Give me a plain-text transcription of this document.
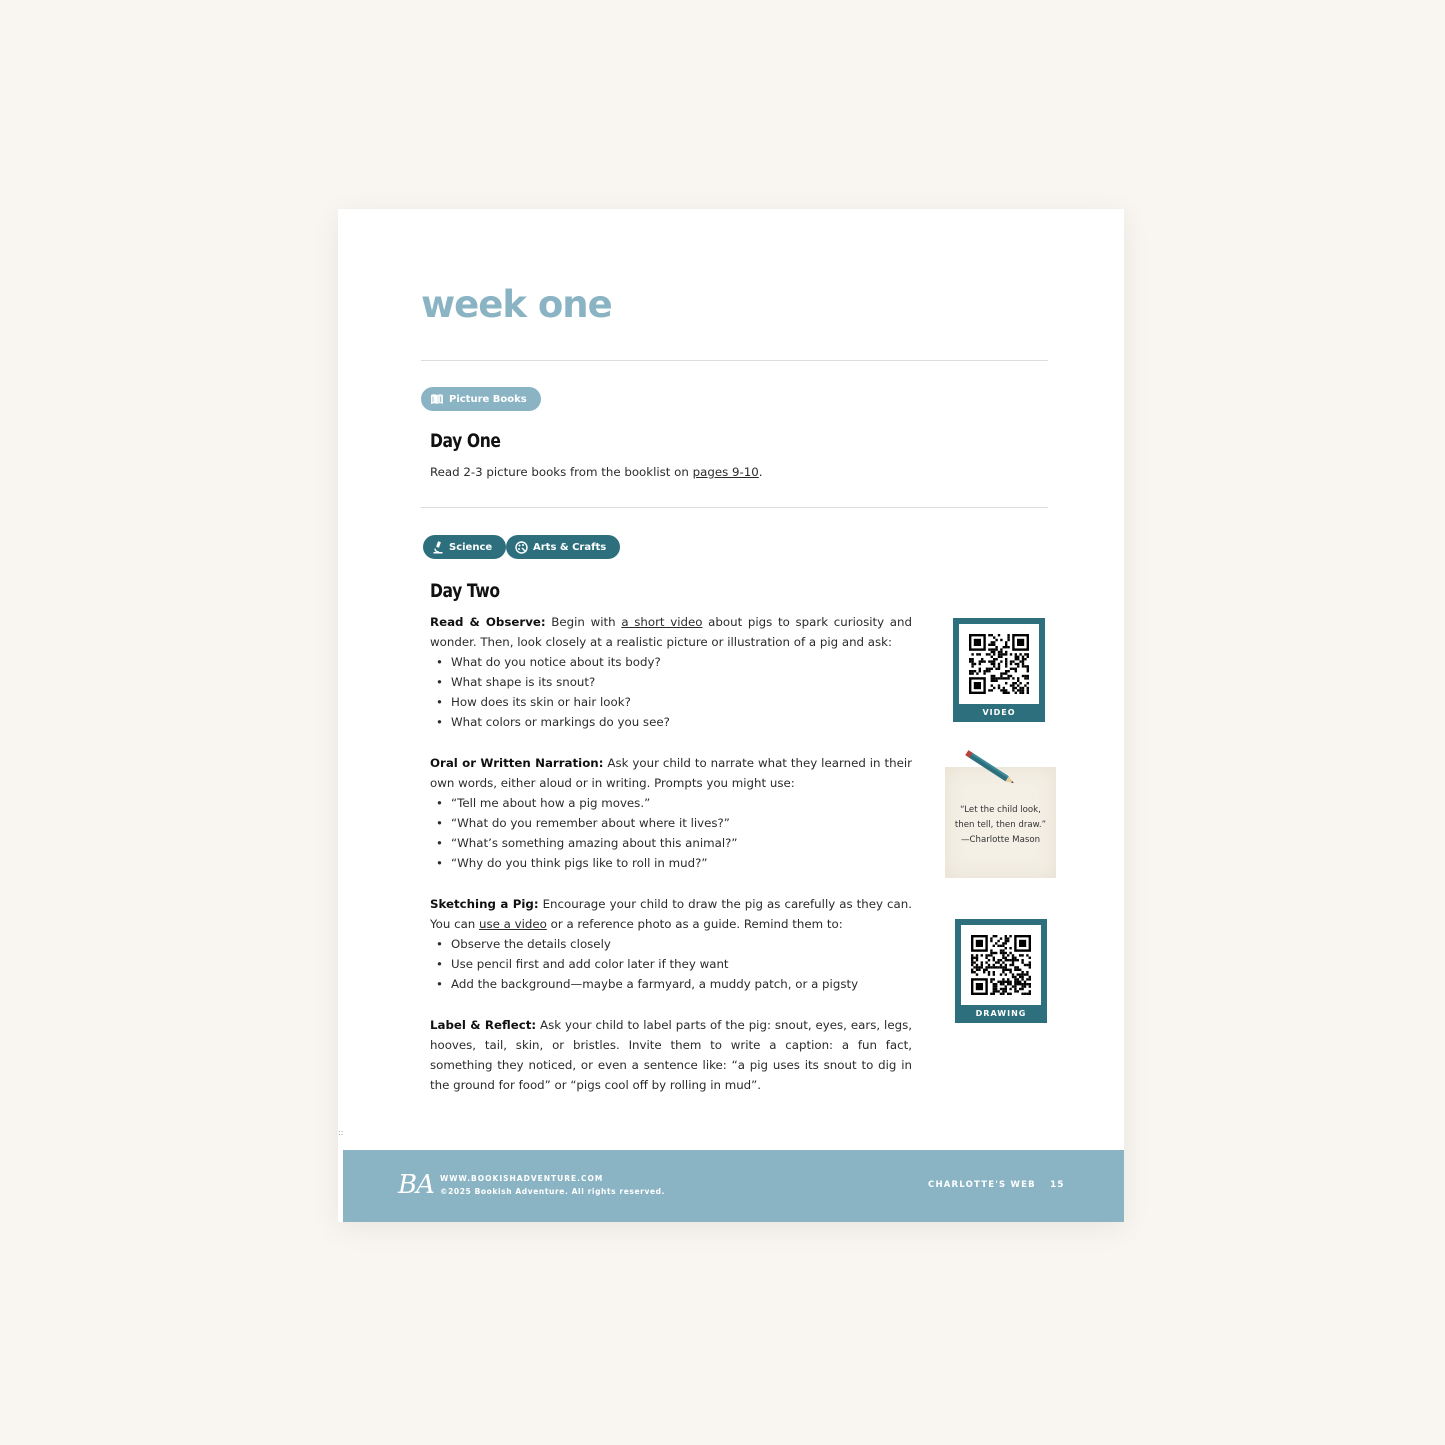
week one
Picture Books
Day One

Read 2-3 picture books from the booklist on pages 9-10.

Science	Arts & Crafts
Day Two
Read & Observe: Begin with a short video about pigs to spark curiosity and wonder. Then, look closely at a realistic picture or illustration of a pig and ask:
• What do you notice about its body?
• What shape is its snout?
• How does its skin or hair look?
• What colors or markings do you see?
Oral or Written Narration: Ask your child to narrate what they learned in their own words, either aloud or in writing. Prompts you might use:
• “Tell me about how a pig moves.”
• “What do you remember about where it lives?”
• “What’s something amazing about this animal?”
• “Why do you think pigs like to roll in mud?”
Sketching a Pig: Encourage your child to draw the pig as carefully as they can. You can use a video or a reference photo as a guide. Remind them to:
• Observe the details closely
• Use pencil first and add color later if they want
• Add the background—maybe a farmyard, a muddy patch, or a pigsty
Label & Reflect: Ask your child to label parts of the pig: snout, eyes, ears, legs, hooves, tail, skin, or bristles. Invite them to write a caption: a fun fact, something they noticed, or even a sentence like: “a pig uses its snout to dig in the ground for food” or “pigs cool off by rolling in mud”.
VIDEO
“Let the child look,
then tell, then draw.”
—Charlotte Mason
DRAWING VIDEO
BA WWW.BOOKISHADVENTURE.COM
©2025 Bookish Adventure. All rights reserved.
CHARLOTTE'S WEB 15
::
